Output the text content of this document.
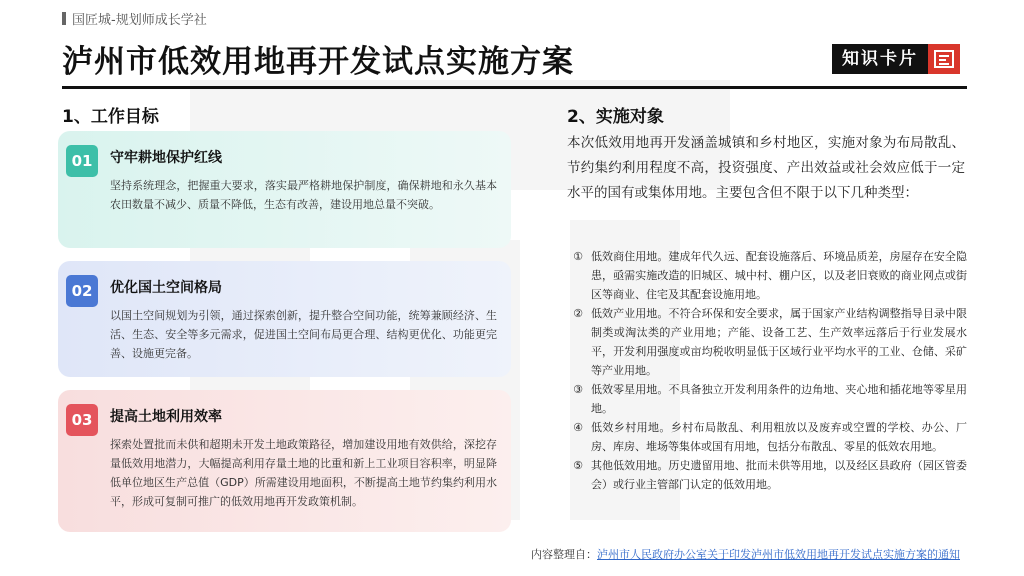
国匠城-规划师成长学社
泸州市低效用地再开发试点实施方案	知识卡片
1、工作目标
01	守牢耕地保护红线
坚持系统理念，把握重大要求，落实最严格耕地保护制度，确保耕地和永久基本农田数量不减少、质量不降低，生态有改善，建设用地总量不突破。
02	优化国土空间格局
以国土空间规划为引领，通过探索创新，提升整合空间功能，统筹兼顾经济、生活、生态、安全等多元需求，促进国土空间布局更合理、结构更优化、功能更完善、设施更完备。
03	提高土地利用效率
探索处置批而未供和超期未开发土地政策路径，增加建设用地有效供给，深挖存量低效用地潜力，大幅提高利用存量土地的比重和新上工业项目容积率，明显降低单位地区生产总值（GDP）所需建设用地面积，不断提高土地节约集约利用水平，形成可复制可推广的低效用地再开发政策机制。
2、实施对象
本次低效用地再开发涵盖城镇和乡村地区，实施对象为布局散乱、节约集约利用程度不高，投资强度、产出效益或社会效应低于一定水平的国有或集体用地。主要包含但不限于以下几种类型：
① 低效商住用地。建成年代久远、配套设施落后、环境品质差，房屋存在安全隐患，亟需实施改造的旧城区、城中村、棚户区，以及老旧衰败的商业网点或街区等商业、住宅及其配套设施用地。
② 低效产业用地。不符合环保和安全要求，属于国家产业结构调整指导目录中限制类或淘汰类的产业用地；产能、设备工艺、生产效率远落后于行业发展水平，开发利用强度或亩均税收明显低于区域行业平均水平的工业、仓储、采矿等产业用地。
③ 低效零星用地。不具备独立开发利用条件的边角地、夹心地和插花地等零星用地。
④ 低效乡村用地。乡村布局散乱、利用粗放以及废弃或空置的学校、办公、厂房、库房、堆场等集体或国有用地，包括分布散乱、零星的低效农用地。
⑤ 其他低效用地。历史遗留用地、批而未供等用地，以及经区县政府（园区管委会）或行业主管部门认定的低效用地。
内容整理自：泸州市人民政府办公室关于印发泸州市低效用地再开发试点实施方案的通知
